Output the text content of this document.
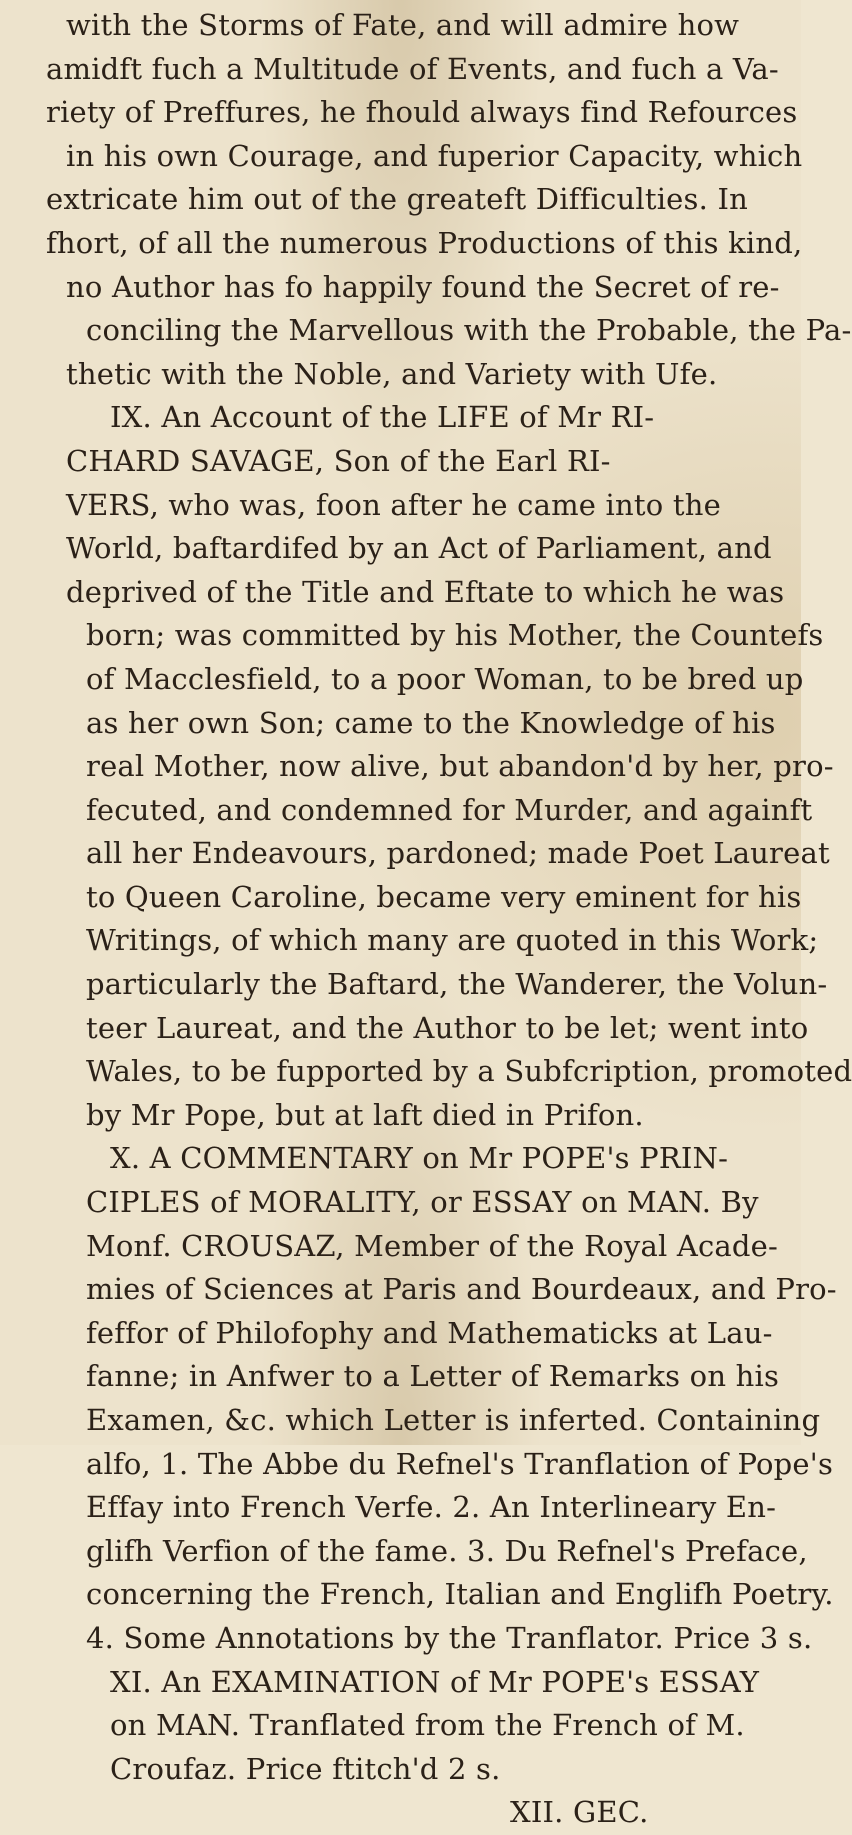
with the Storms of Fate, and will admire how
amidft fuch a Multitude of Events, and fuch a Va-
riety of Preffures, he fhould always find Refources
in his own Courage, and fuperior Capacity, which
extricate him out of the greateft Difficulties. In
fhort, of all the numerous Productions of this kind,
no Author has fo happily found the Secret of re-
conciling the Marvellous with the Probable, the Pa-
thetic with the Noble, and Variety with Ufe.
IX. An Account of the LIFE of Mr RI-
CHARD SAVAGE, Son of the Earl RI-
VERS, who was, foon after he came into the
World, baftardifed by an Act of Parliament, and
deprived of the Title and Eftate to which he was
born; was committed by his Mother, the Countefs
of Macclesfield, to a poor Woman, to be bred up
as her own Son; came to the Knowledge of his
real Mother, now alive, but abandon'd by her, pro-
fecuted, and condemned for Murder, and againft
all her Endeavours, pardoned; made Poet Laureat
to Queen Caroline, became very eminent for his
Writings, of which many are quoted in this Work;
particularly the Baftard, the Wanderer, the Volun-
teer Laureat, and the Author to be let; went into
Wales, to be fupported by a Subfcription, promoted
by Mr Pope, but at laft died in Prifon.
X. A COMMENTARY on Mr POPE's PRIN-
CIPLES of MORALITY, or ESSAY on MAN. By
Monf. CROUSAZ, Member of the Royal Acade-
mies of Sciences at Paris and Bourdeaux, and Pro-
feffor of Philofophy and Mathematicks at Lau-
fanne; in Anfwer to a Letter of Remarks on his
Examen, &c. which Letter is inferted. Containing
alfo, 1. The Abbe du Refnel's Tranflation of Pope's
Effay into French Verfe. 2. An Interlineary En-
glifh Verfion of the fame. 3. Du Refnel's Preface,
concerning the French, Italian and Englifh Poetry.
4. Some Annotations by the Tranflator. Price 3 s.
XI. An EXAMINATION of Mr POPE's ESSAY
on MAN. Tranflated from the French of M.
Croufaz. Price ftitch'd 2 s.
XII. GEC.
